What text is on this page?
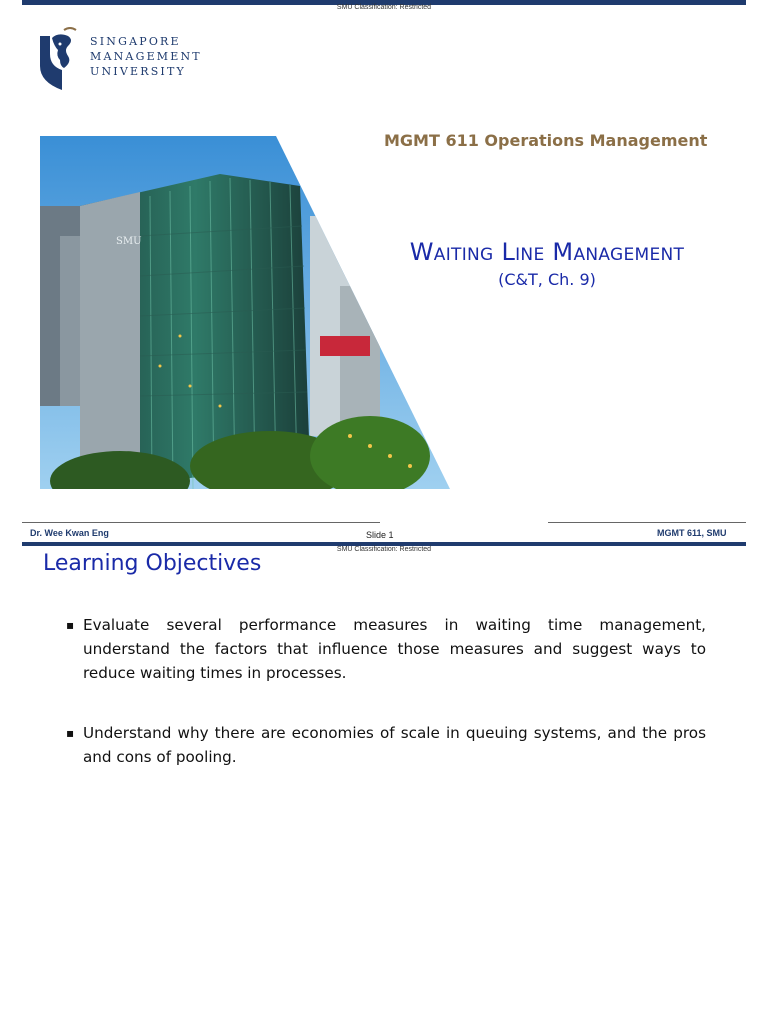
SMU Classification: Restricted
SINGAPORE
MANAGEMENT
UNIVERSITY
SMU
MGMT 611 Operations Management
WAITING LINE MANAGEMENT
(C&T, Ch. 9)
Dr. Wee Kwan Eng	Slide 1	MGMT 611, SMU
SMU Classification: Restricted
Learning Objectives
▪ Evaluate several performance measures in waiting time management, understand the factors that influence those measures and suggest ways to reduce waiting times in processes.
▪ Understand why there are economies of scale in queuing systems, and the pros and cons of pooling.
